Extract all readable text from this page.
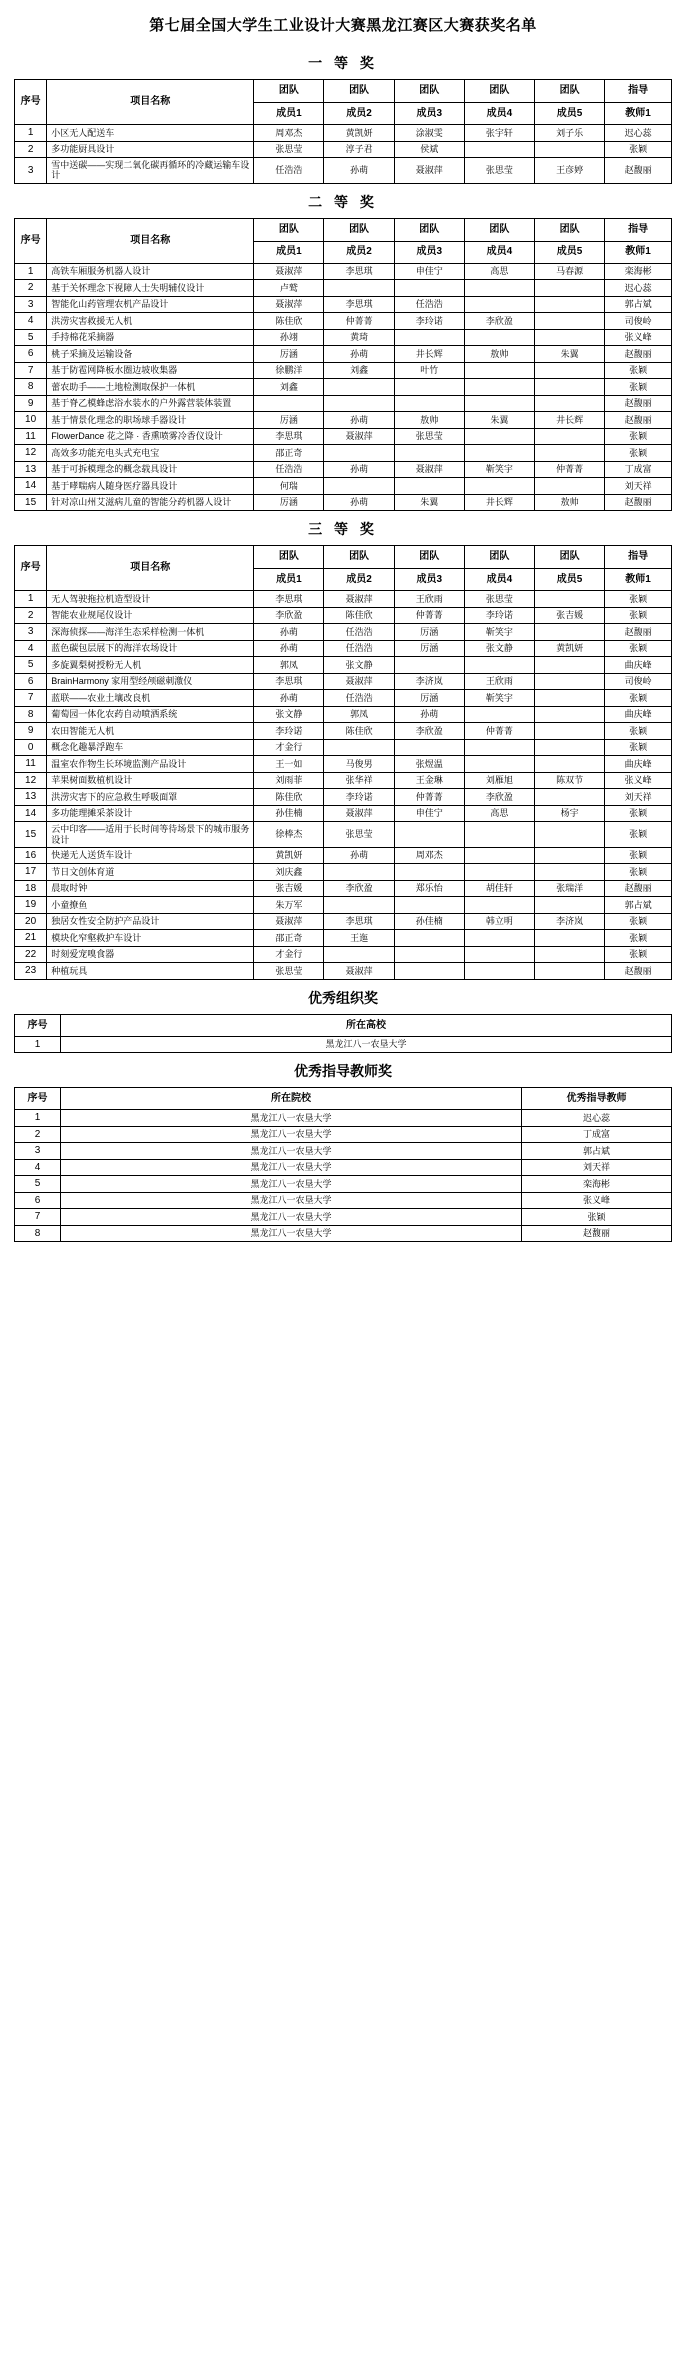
第七届全国大学生工业设计大赛黑龙江赛区大赛获奖名单
一 等 奖
序号	项目名称	团队	团队	团队	团队	团队	指导
		成员1	成员2	成员3	成员4	成员5	教师1
1	小区无人配送车	周邓杰	黄凯妍	涂淑雯	张宇轩	刘子乐	迟心蕊
2	多功能厨具设计	张思莹	淳子君	侯斌			张颖
3	雪中送碳——实现二氧化碳再循环的冷藏运输车设计	任浩浩	孙萌	聂淑萍	张思莹	王彦婷	赵馥丽
二 等 奖
序号	项目名称	团队	团队	团队	团队	团队	指导
		成员1	成员2	成员3	成员4	成员5	教师1
1	高铁车厢服务机器人设计	聂淑萍	李思琪	申佳宁	高思	马春源	栾海彬
2	基于关怀理念下视障人士失明辅仪设计	卢鹫					迟心蕊
3	智能化山药管理农机产品设计	聂淑萍	李思琪	任浩浩			郭占斌
4	洪涝灾害救援无人机	陈佳欣	仲菁菁	李玲诺	李欣盈		司俊岭
5	手持棉花采摘器	孙翊	黄琦				张义峰
6	桃子采摘及运输设备	厉涵	孙萌	井长辉	敖帅	朱翼	赵馥丽
7	基于防雹网降板水圈边坡收集器	徐鹏洋	刘鑫	叶竹			张颖
8	蕾农助手——土地检测取保护一体机	刘鑫					张颖
9	基于脊乙模蜂虑浴水装水的户外露营装体装置						赵馥丽
10	基于情景化理念的职场球手器设计	厉涵	孙萌	敖帅	朱翼	井长辉	赵馥丽
11	FlowerDance 花之降 · 香熏喷雾冷香仪设计	李思琪	聂淑萍	张思莹			张颖
12	高效多功能充电头式充电宝	邵正奇					张颖
13	基于可拆模理念的概念载具设计	任浩浩	孙萌	聂淑萍	靳笑宇	仲菁菁	丁成富
14	基于哮喘病人随身医疗器具设计	何瑞					刘天祥
15	针对凉山州艾滋病儿童的智能分药机器人设计	厉涵	孙萌	朱翼	井长辉	敖帅	赵馥丽
三 等 奖
序号	项目名称	团队	团队	团队	团队	团队	指导
		成员1	成员2	成员3	成员4	成员5	教师1
1	无人驾驶拖拉机造型设计	李思琪	聂淑萍	王欣雨	张思莹		张颖
2	智能农业规尾仪设计	李欣盈	陈佳欣	仲菁菁	李玲诺	张吉媛	张颖
3	深海侦探——海洋生态采样检测一体机	孙萌	任浩浩	厉涵	靳笑宇		赵馥丽
4	蓝色碳包层展下的海洋农场设计	孙萌	任浩浩	厉涵	张文静	黄凯妍	张颖
5	多旋翼梨树授粉无人机	郭凤	张文静				曲庆峰
6	BrainHarmony 家用型经颅磁刺激仪	李思琪	聂淑萍	李济岚	王欣雨		司俊岭
7	蓝联——农业土壤改良机	孙萌	任浩浩	厉涵	靳笑宇		张颖
8	葡萄园一体化农药自动喷洒系统	张文静	郭凤	孙萌			曲庆峰
9	农田智能无人机	李玲诺	陈佳欣	李欣盈	仲菁菁		张颖
0	概念化趣暴浮跑车	才金行					张颖
11	温室农作物生长环境监测产品设计	王一如	马俊男	张煜温			曲庆峰
12	苹果树面数植机设计	刘雨菲	张华祥	王金琳	刘雁旭	陈双节	张义峰
13	洪涝灾害下的应急救生呼吸面罩	陈佳欣	李玲诺	仲菁菁	李欣盈		刘天祥
14	多功能理摊采茶设计	孙佳楠	聂淑萍	申佳宁	高思	杨宇	张颖
15	云中印客——适用于长时间等待场景下的城市服务设计	徐棒杰	张思莹				张颖
16	快递无人送货车设计	黄凯妍	孙萌	周邓杰			张颖
17	节日文创体育道	刘庆鑫					张颖
18	晨取时钟	张吉媛	李欣盈	郑乐怡	胡佳轩	张瑞洋	赵馥丽
19	小童撩鱼	朱万军					郭占斌
20	独居女性安全防护产品设计	聂淑萍	李思琪	孙佳楠	韩立明	李济岚	张颖
21	模块化窄壑救护车设计	邵正奇	王迤				张颖
22	时刻爱宠嗅食器	才金行					张颖
23	种植玩具	张思莹	聂淑萍				赵馥丽
优秀组织奖
序号	所在高校
1	黑龙江八一农垦大学
优秀指导教师奖
序号	所在院校	优秀指导教师
1	黑龙江八一农垦大学	迟心蕊
2	黑龙江八一农垦大学	丁成富
3	黑龙江八一农垦大学	郭占斌
4	黑龙江八一农垦大学	刘天祥
5	黑龙江八一农垦大学	栾海彬
6	黑龙江八一农垦大学	张义峰
7	黑龙江八一农垦大学	张颖
8	黑龙江八一农垦大学	赵馥丽
